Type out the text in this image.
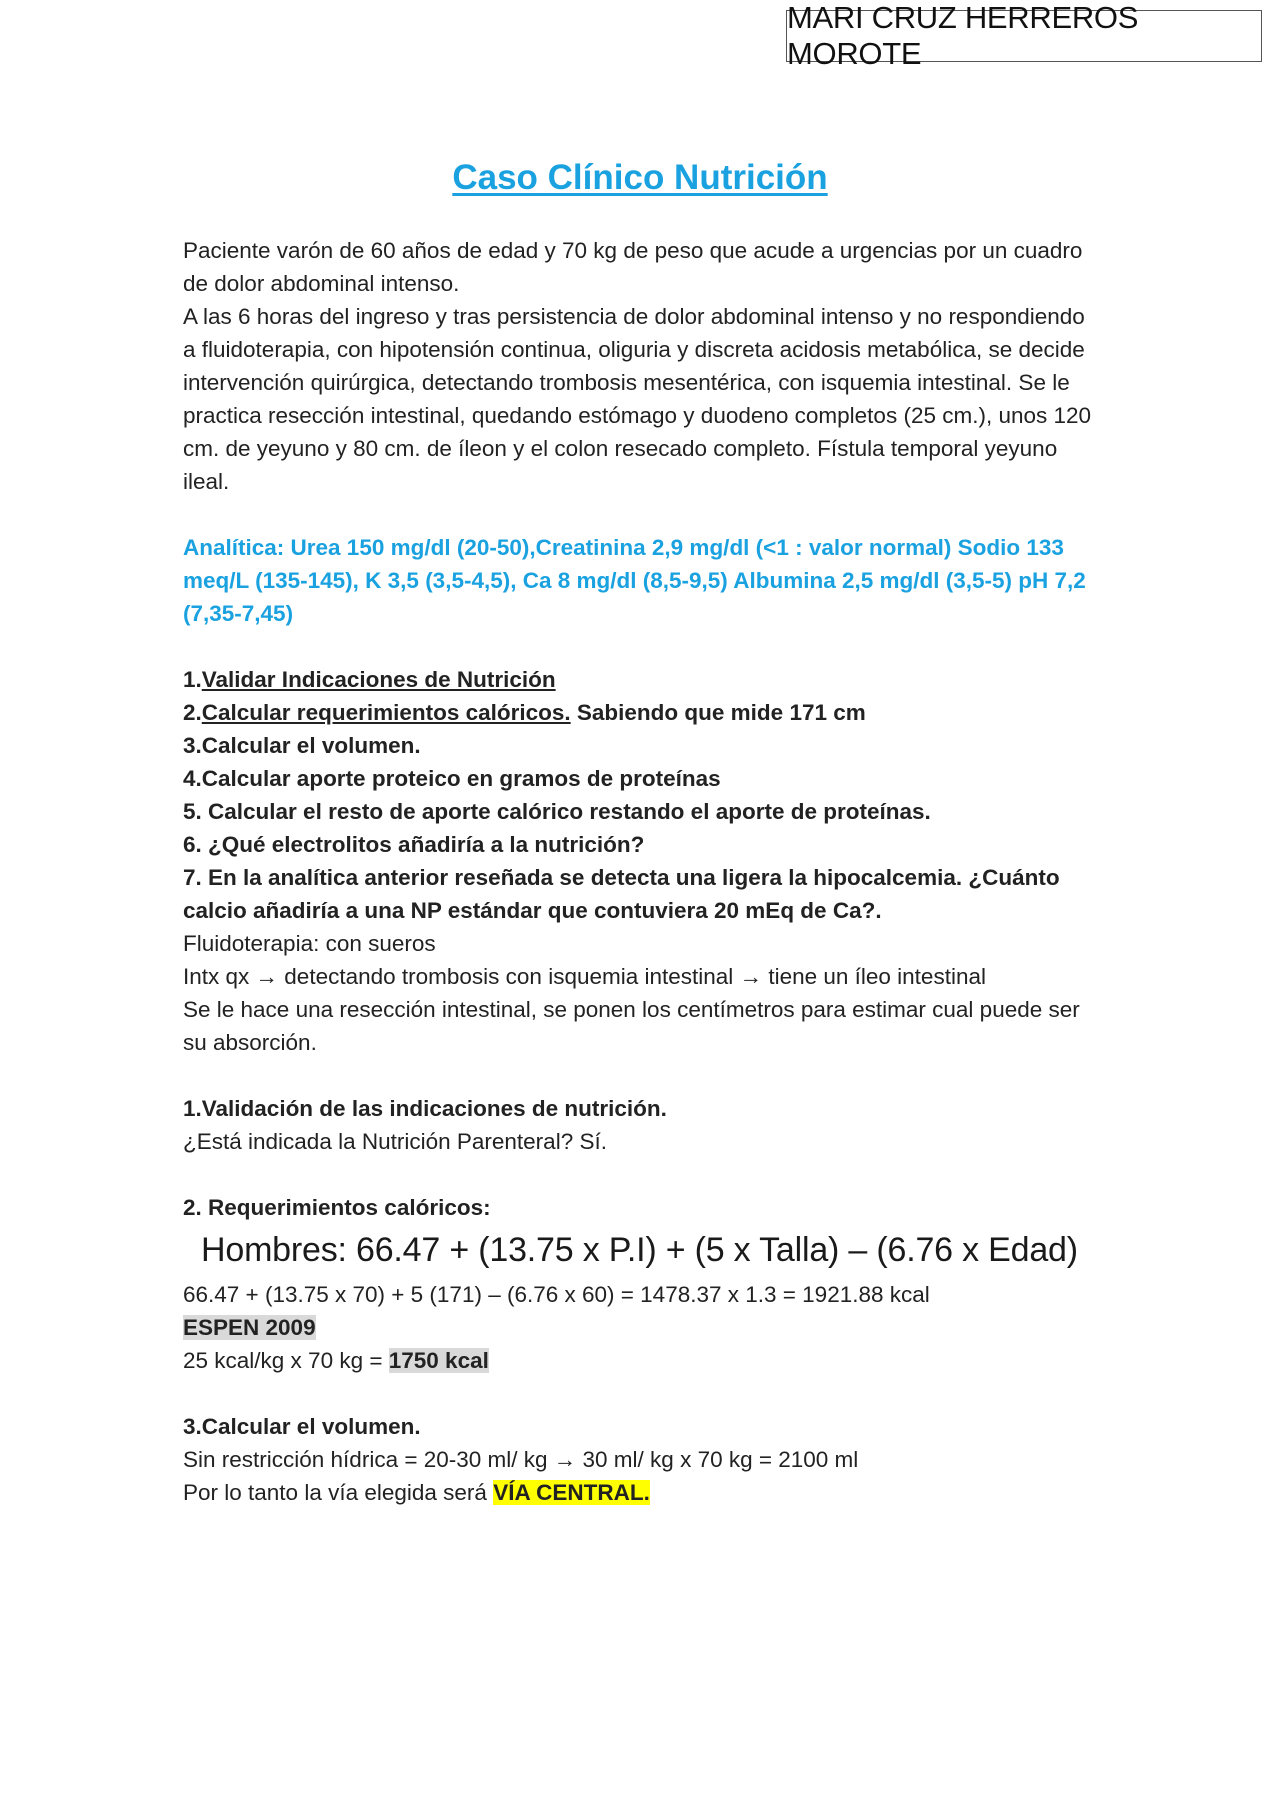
MARI CRUZ HERREROS MOROTE
Caso Clínico Nutrición

Paciente varón de 60 años de edad y 70 kg de peso que acude a urgencias por un cuadro de dolor abdominal intenso.

A las 6 horas del ingreso y tras persistencia de dolor abdominal intenso y no respondiendo a fluidoterapia, con hipotensión continua, oliguria y discreta acidosis metabólica, se decide intervención quirúrgica, detectando trombosis mesentérica, con isquemia intestinal. Se le practica resección intestinal, quedando estómago y duodeno completos (25 cm.), unos 120 cm. de yeyuno y 80 cm. de íleon y el colon resecado completo. Fístula temporal yeyuno ileal.

Analítica: Urea 150 mg/dl (20-50),Creatinina 2,9 mg/dl (<1 : valor normal) Sodio 133 meq/L (135-145), K 3,5 (3,5-4,5), Ca 8 mg/dl (8,5-9,5) Albumina 2,5 mg/dl (3,5-5) pH 7,2 (7,35-7,45)

1.Validar Indicaciones de Nutrición

2.Calcular requerimientos calóricos. Sabiendo que mide 171 cm

3.Calcular el volumen.

4.Calcular aporte proteico en gramos de proteínas

5. Calcular el resto de aporte calórico restando el aporte de proteínas.

6. ¿Qué electrolitos añadiría a la nutrición?

7. En la analítica anterior reseñada se detecta una ligera la hipocalcemia. ¿Cuánto calcio añadiría a una NP estándar que contuviera 20 mEq de Ca?.

Fluidoterapia: con sueros

Intx qx → detectando trombosis con isquemia intestinal → tiene un íleo intestinal

Se le hace una resección intestinal, se ponen los centímetros para estimar cual puede ser su absorción.

1.Validación de las indicaciones de nutrición.

¿Está indicada la Nutrición Parenteral? Sí.

2. Requerimientos calóricos:

Hombres: 66.47 + (13.75 x P.I) + (5 x Talla) – (6.76 x Edad)

66.47 + (13.75 x 70) + 5 (171) – (6.76 x 60) = 1478.37 x 1.3 = 1921.88 kcal

ESPEN 2009

25 kcal/kg x 70 kg = 1750 kcal

3.Calcular el volumen.

Sin restricción hídrica = 20-30 ml/ kg → 30 ml/ kg x 70 kg = 2100 ml

Por lo tanto la vía elegida será VÍA CENTRAL.
